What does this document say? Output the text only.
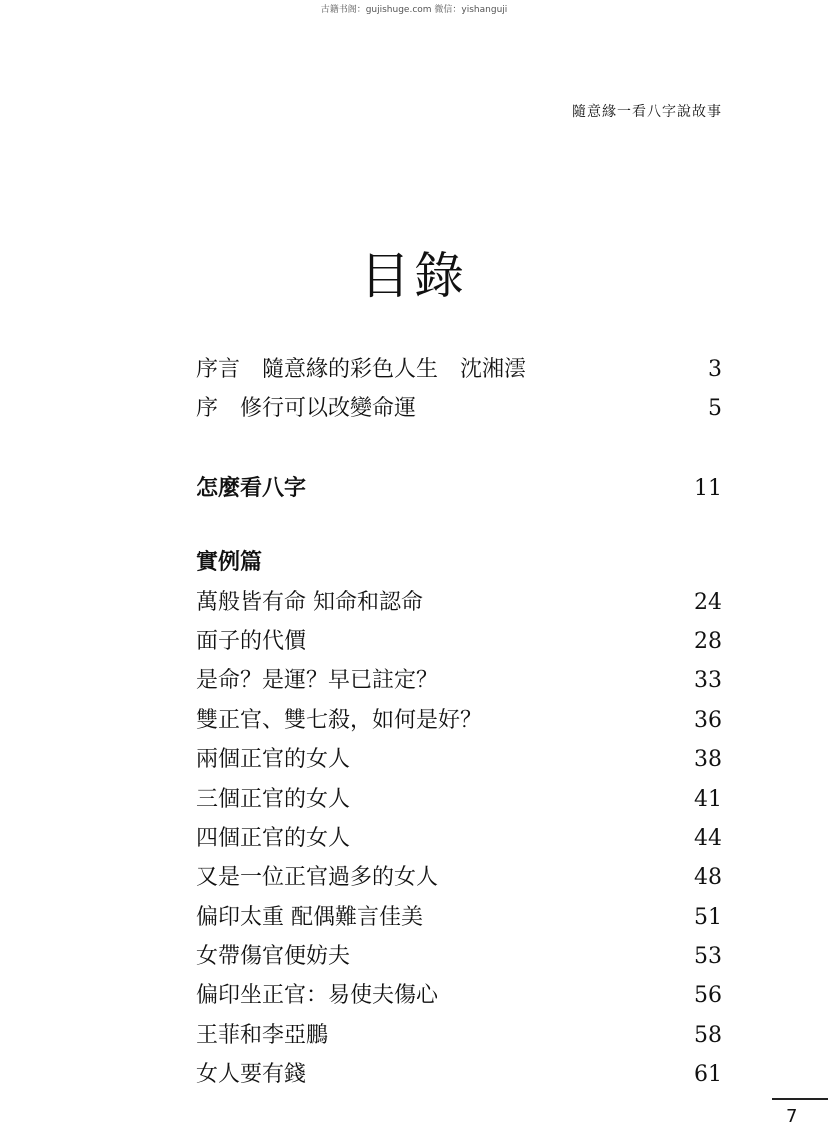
古籍书阁：gujishuge.com 微信：yishanguji
隨意緣一看八字說故事
目錄
序言　隨意緣的彩色人生　沈湘澐	3
序　修行可以改變命運	5
怎麼看八字	11
實例篇
萬般皆有命 知命和認命	24
面子的代價	28
是命？是運？早已註定？	33
雙正官、雙七殺，如何是好？	36
兩個正官的女人	38
三個正官的女人	41
四個正官的女人	44
又是一位正官過多的女人	48
偏印太重 配偶難言佳美	51
女帶傷官便妨夫	53
偏印坐正官：易使夫傷心	56
王菲和李亞鵬	58
女人要有錢	61
7
